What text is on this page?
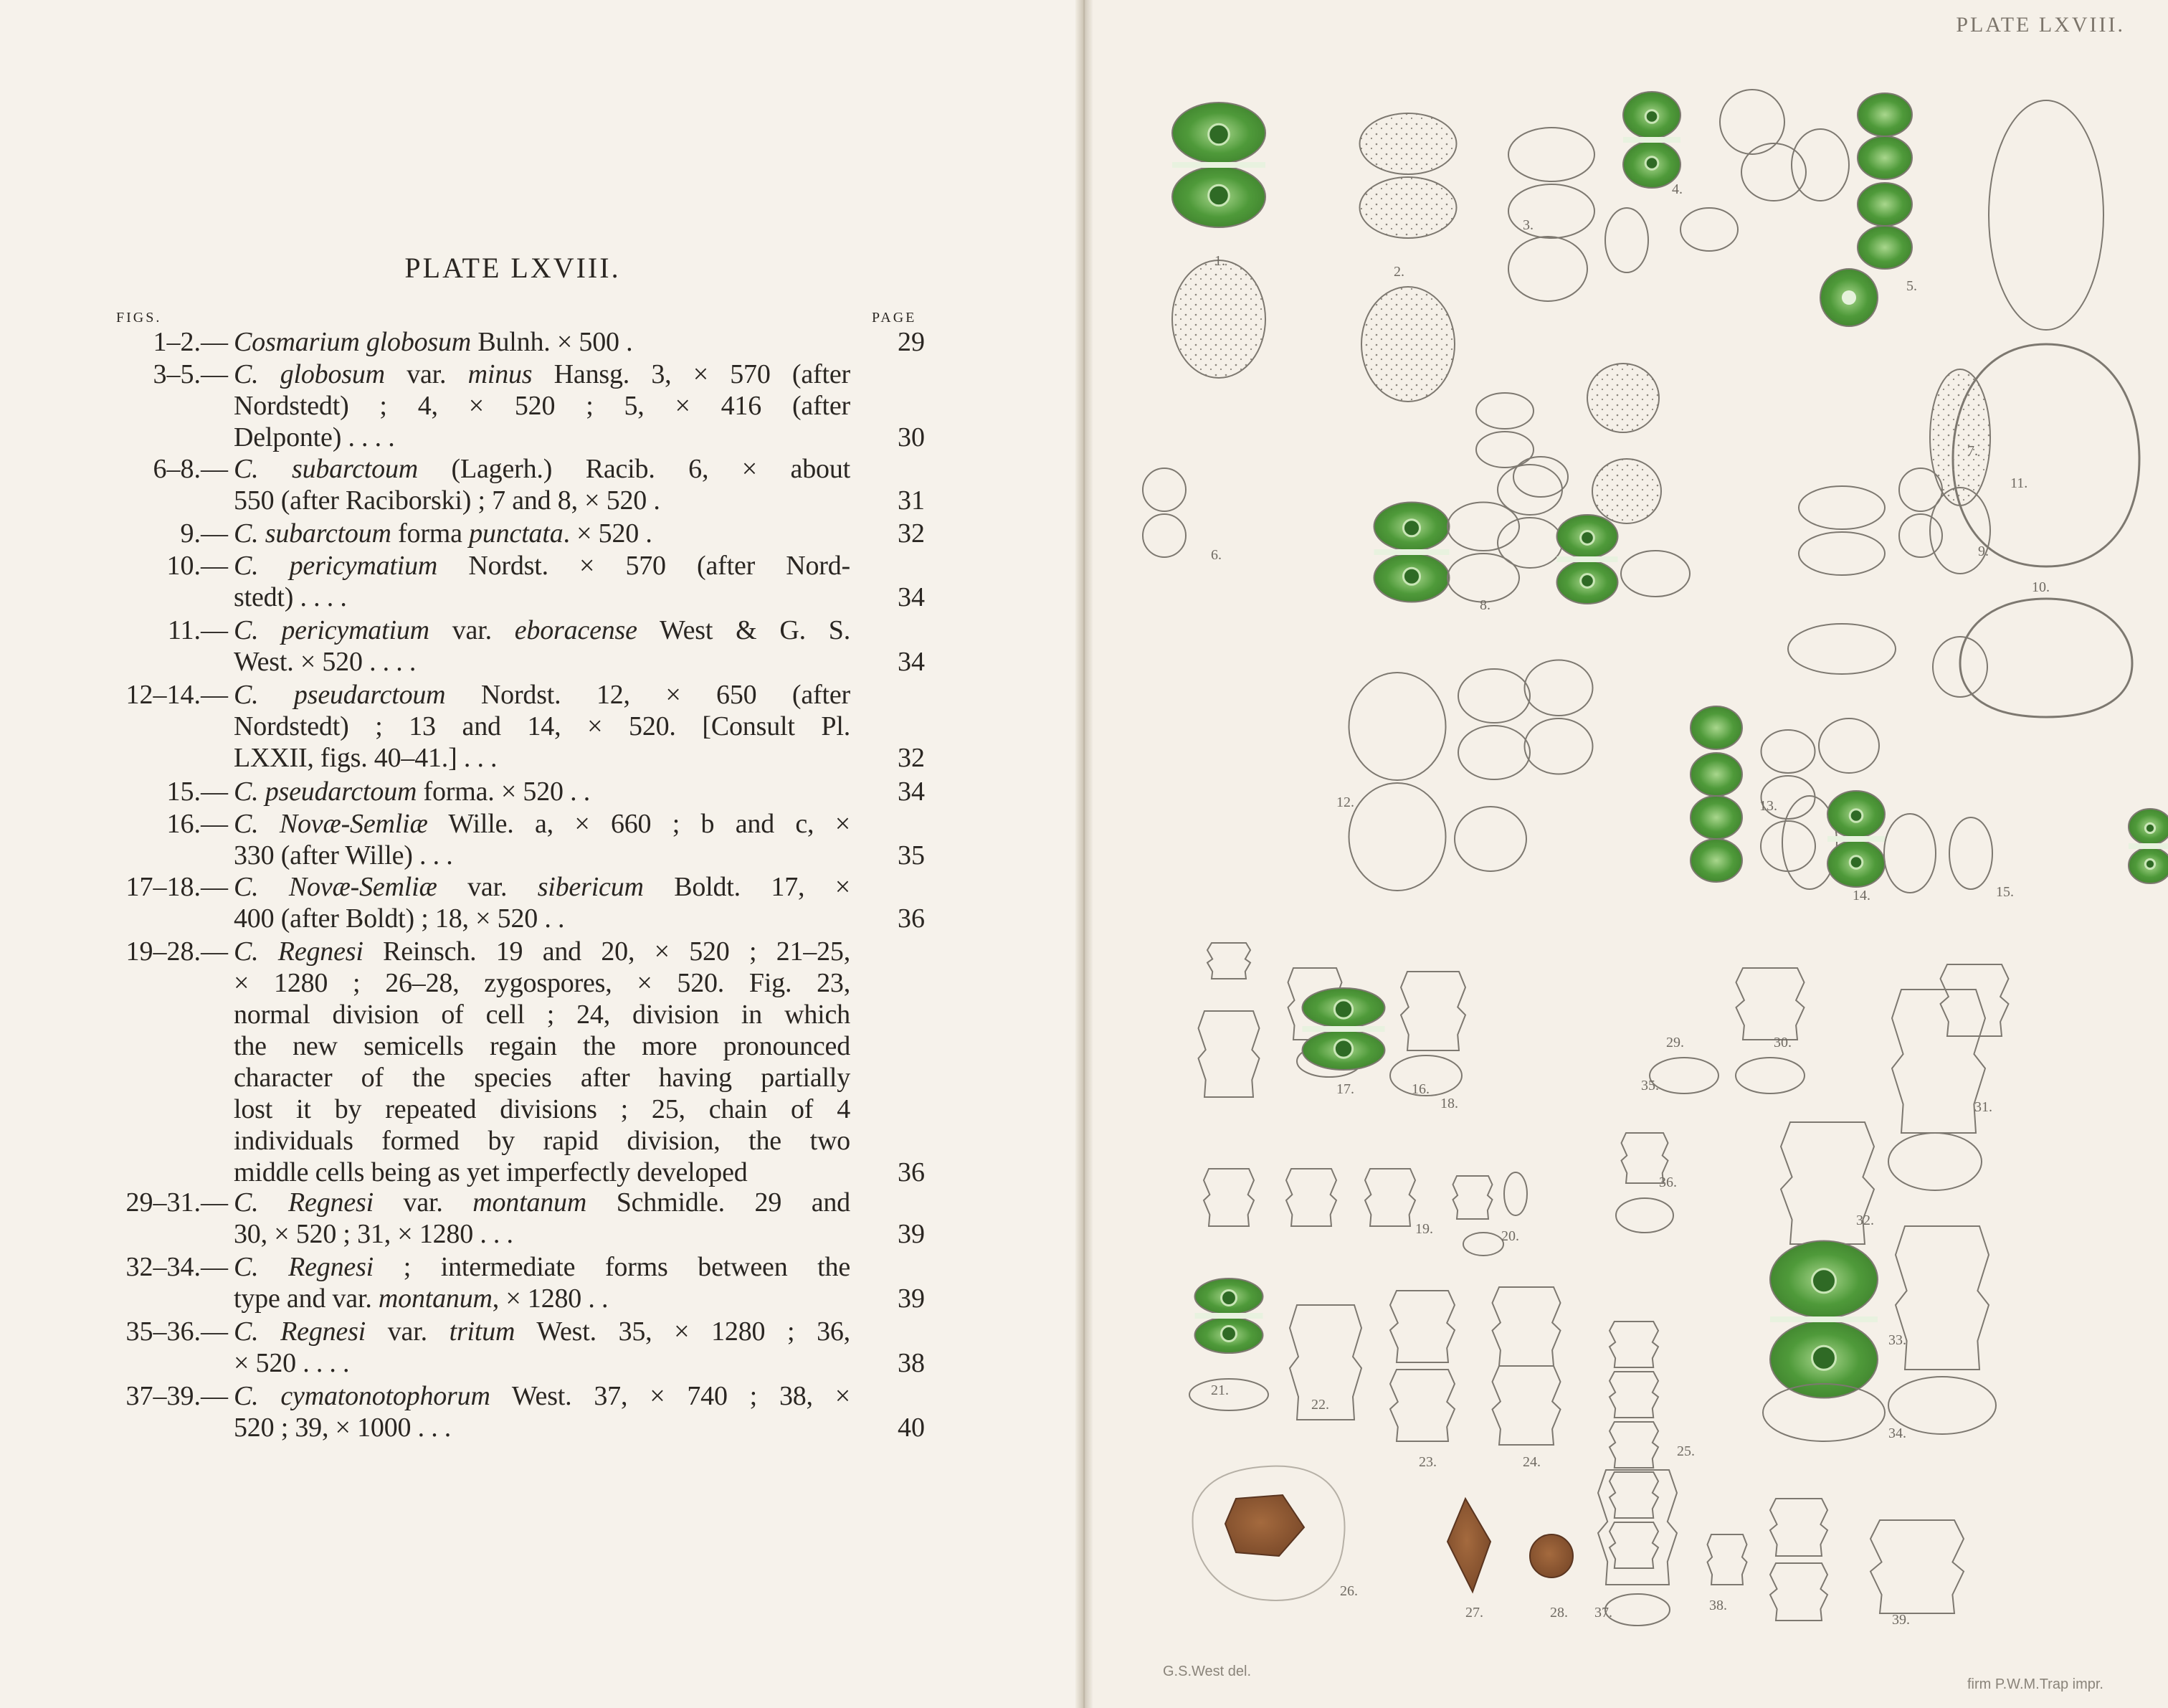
PLATE LXVIII.
FIGS.	PAGE
1–2.— Cosmarium globosum Bulnh. × 500 .	29
3–5.— C. globosum var. minus Hansg. 3, × 570 (after
Nordstedt) ; 4, × 520 ; 5, × 416 (after
Delponte) . . . .	30
6–8.— C. subarctoum (Lagerh.) Racib. 6, × about
550 (after Raciborski) ; 7 and 8, × 520 .	31
9.— C. subarctoum forma punctata. × 520 .	32
10.— C. pericymatium Nordst. × 570 (after Nord-
stedt) . . . .	34
11.— C. pericymatium var. eboracense West & G. S.
West. × 520 . . . .	34
12–14.— C. pseudarctoum Nordst. 12, × 650 (after
Nordstedt) ; 13 and 14, × 520. [Consult Pl.
LXXII, figs. 40–41.] . . .	32
15.— C. pseudarctoum forma. × 520 . .	34
16.— C. Novæ-Semliæ Wille. a, × 660 ; b and c, ×
330 (after Wille) . . .	35
17–18.— C. Novæ-Semliæ var. sibericum Boldt. 17, ×
400 (after Boldt) ; 18, × 520 . .	36
19–28.— C. Regnesi Reinsch. 19 and 20, × 520 ; 21–25,
× 1280 ; 26–28, zygospores, × 520. Fig. 23,
normal division of cell ; 24, division in which
the new semicells regain the more pronounced
character of the species after having partially
lost it by repeated divisions ; 25, chain of 4
individuals formed by rapid division, the two
middle cells being as yet imperfectly developed	36
29–31.— C. Regnesi var. montanum Schmidle. 29 and
30, × 520 ; 31, × 1280 . . .	39
32–34.— C. Regnesi ; intermediate forms between the
type and var. montanum, × 1280 . .	39
35–36.— C. Regnesi var. tritum West. 35, × 1280 ; 36,
× 520 . . . .	38
37–39.— C. cymatonotophorum West. 37, × 740 ; 38, ×
520 ; 39, × 1000 . . .	40
PLATE LXVIII.
1.
2.
3.
4.
5.
10.
6.
7.
8.
9.
11.
12.	13.
14.	15.
16.
17.
18.
35.
29.	30.
31.
36.
32.
19.	20.
21.
22.
23.	24.
25.
33.
34.
26.
27.	28. 37.	38.
39.
G.S.West del.
firm P.W.M.Trap impr.
